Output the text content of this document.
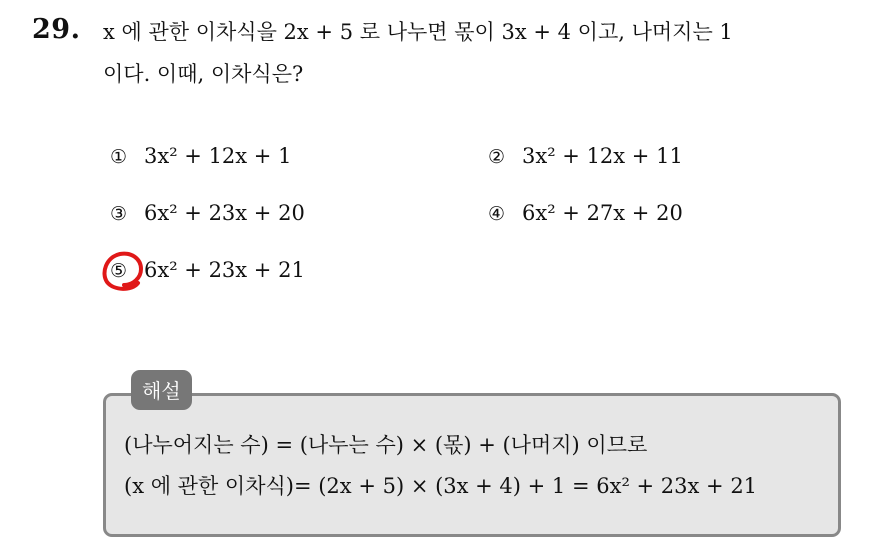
29. x 에 관한 이차식을 2x + 5 로 나누면 몫이 3x + 4 이고, 나머지는 1
이다. 이때, 이차식은?
① 3x² + 12x + 1	② 3x² + 12x + 11
③ 6x² + 23x + 20	④ 6x² + 27x + 20
⑤ 6x² + 23x + 21
해설
(나누어지는 수) = (나누는 수) × (몫) + (나머지) 이므로
(x 에 관한 이차식)= (2x + 5) × (3x + 4) + 1 = 6x² + 23x + 21
